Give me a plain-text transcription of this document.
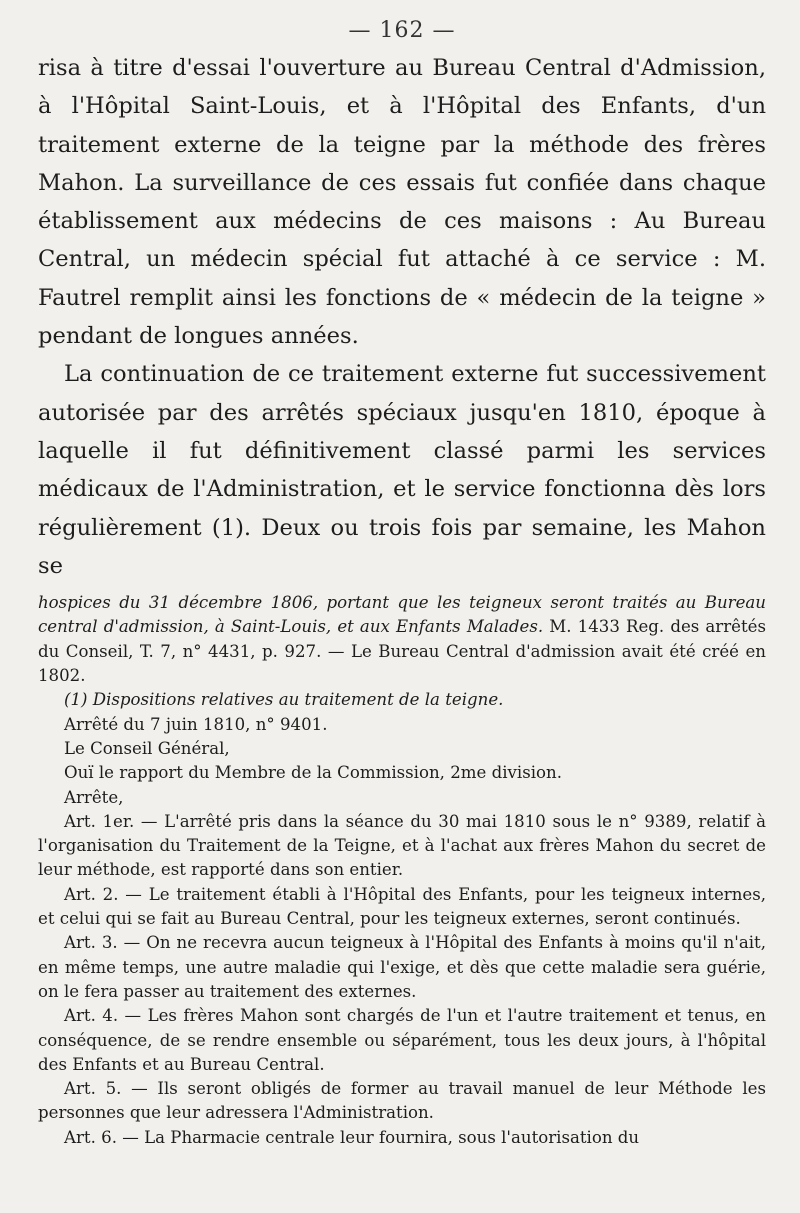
— 162 —

risa à titre d'essai l'ouverture au Bureau Central d'Admission, à l'Hôpital Saint-Louis, et à l'Hôpital des Enfants, d'un traitement externe de la teigne par la méthode des frères Mahon. La surveillance de ces essais fut confiée dans chaque établissement aux médecins de ces maisons : Au Bureau Central, un médecin spécial fut attaché à ce service : M. Fautrel remplit ainsi les fonctions de « médecin de la teigne » pendant de longues années.

La continuation de ce traitement externe fut successivement autorisée par des arrêtés spéciaux jusqu'en 1810, époque à laquelle il fut définitivement classé parmi les services médicaux de l'Administration, et le service fonctionna dès lors régulièrement (1). Deux ou trois fois par semaine, les Mahon se

hospices du 31 décembre 1806, portant que les teigneux seront traités au Bureau central d'admission, à Saint-Louis, et aux Enfants Malades. M. 1433 Reg. des arrêtés du Conseil, T. 7, n° 4431, p. 927. — Le Bureau Central d'admission avait été créé en 1802.

(1) Dispositions relatives au traitement de la teigne.

Arrêté du 7 juin 1810, n° 9401.

Le Conseil Général,

Ouï le rapport du Membre de la Commission, 2me division.

Arrête,

Art. 1er. — L'arrêté pris dans la séance du 30 mai 1810 sous le n° 9389, relatif à l'organisation du Traitement de la Teigne, et à l'achat aux frères Mahon du secret de leur méthode, est rapporté dans son entier.

Art. 2. — Le traitement établi à l'Hôpital des Enfants, pour les teigneux internes, et celui qui se fait au Bureau Central, pour les teigneux externes, seront continués.

Art. 3. — On ne recevra aucun teigneux à l'Hôpital des Enfants à moins qu'il n'ait, en même temps, une autre maladie qui l'exige, et dès que cette maladie sera guérie, on le fera passer au traitement des externes.

Art. 4. — Les frères Mahon sont chargés de l'un et l'autre traitement et tenus, en conséquence, de se rendre ensemble ou séparément, tous les deux jours, à l'hôpital des Enfants et au Bureau Central.

Art. 5. — Ils seront obligés de former au travail manuel de leur Méthode les personnes que leur adressera l'Administration.

Art. 6. — La Pharmacie centrale leur fournira, sous l'autorisation du
